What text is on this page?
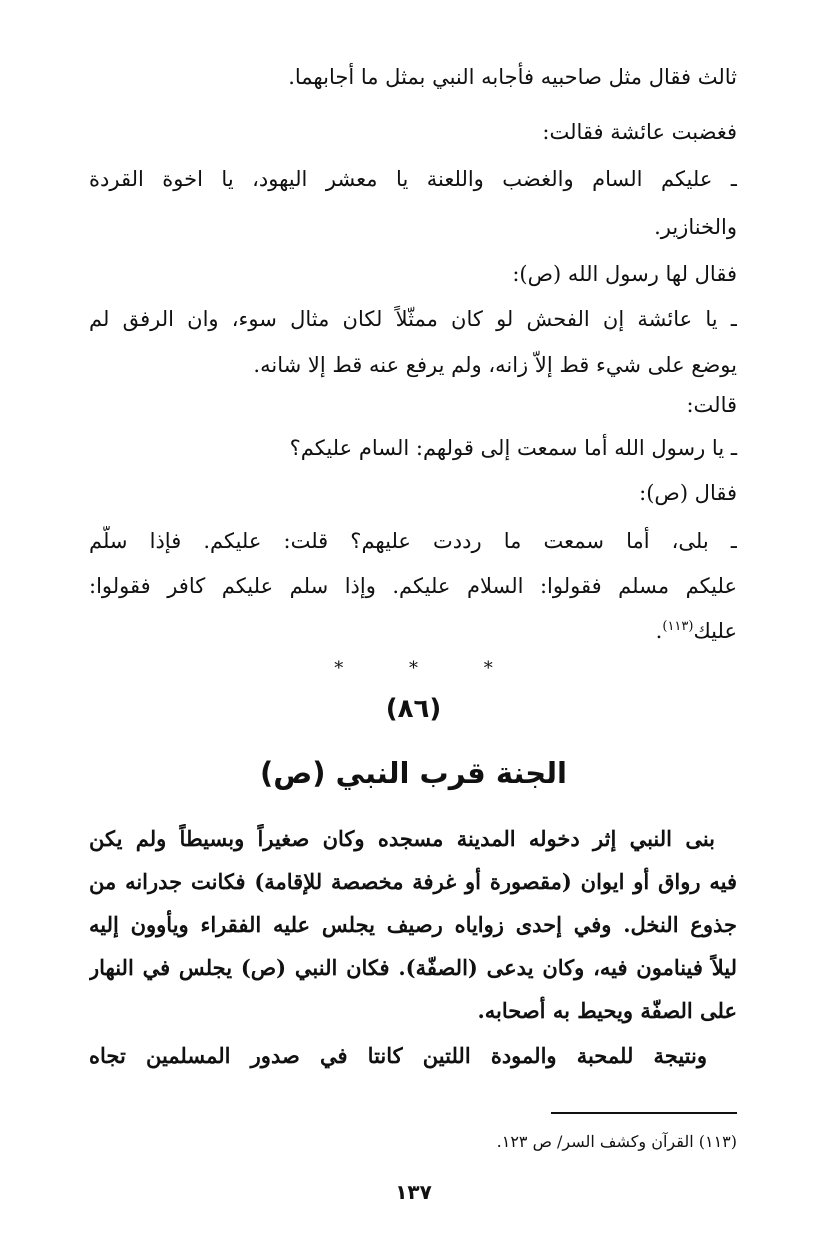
ثالث فقال مثل صاحبيه فأجابه النبي بمثل ما أجابهما.
فغضبت عائشة فقالت:
ـ عليكم السام والغضب واللعنة يا معشر اليهود، يا اخوة القردة
والخنازير.
فقال لها رسول الله (ص):
ـ يا عائشة إن الفحش لو كان ممثّلاً لكان مثال سوء، وان الرفق لم
يوضع على شيء قط إلاّ زانه، ولم يرفع عنه قط إلا شانه.
قالت:
ـ يا رسول الله أما سمعت إلى قولهم: السام عليكم؟
فقال (ص):
ـ بلى، أما سمعت ما رددت عليهم؟ قلت: عليكم. فإذا سلّم
عليكم مسلم فقولوا: السلام عليكم. وإذا سلم عليكم كافر فقولوا:
عليك$^{(١١٣)}$.
* * *
(٨٦)
الجنة قرب النبي (ص)
بنى النبي إثر دخوله المدينة مسجده وكان صغيراً وبسيطاً ولم يكن
فيه رواق أو ايوان (مقصورة أو غرفة مخصصة للإقامة) فكانت جدرانه من
جذوع النخل. وفي إحدى زواياه رصيف يجلس عليه الفقراء ويأوون إليه
ليلاً فينامون فيه، وكان يدعى (الصفّة). فكان النبي (ص) يجلس في النهار
على الصفّة ويحيط به أصحابه.
ونتيجة للمحبة والمودة اللتين كانتا في صدور المسلمين تجاه
(١١٣) القرآن وكشف السر/ ص ١٢٣.
١٣٧
